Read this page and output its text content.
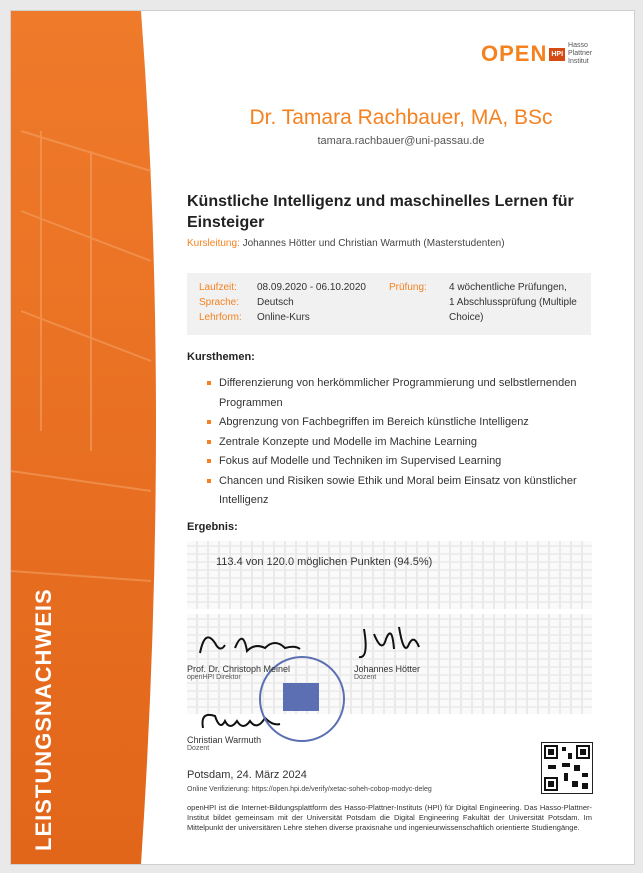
LEISTUNGSNACHWEIS
OPEN HPI
Hasso Plattner Institut
Dr. Tamara Rachbauer, MA, BSc
tamara.rachbauer@uni-passau.de
Künstliche Intelligenz und maschinelles Lernen für Einsteiger
Kursleitung: Johannes Hötter und Christian Warmuth (Masterstudenten)
Laufzeit: 08.09.2020 - 06.10.2020
Sprache: Deutsch
Lehrform: Online-Kurs
Prüfung: 4 wöchentliche Prüfungen,
1 Abschlussprüfung (Multiple
Choice)
Kursthemen:
Differenzierung von herkömmlicher Programmierung und selbstlernenden Programmen
Abgrenzung von Fachbegriffen im Bereich künstliche Intelligenz
Zentrale Konzepte und Modelle im Machine Learning
Fokus auf Modelle und Techniken im Supervised Learning
Chancen und Risiken sowie Ethik und Moral beim Einsatz von künstlicher Intelligenz
Ergebnis:
113.4 von 120.0 möglichen Punkten (94.5%)
Prof. Dr. Christoph Meinel
openHPI Direktor
Johannes Hötter
Dozent
Christian Warmuth
Dozent
Potsdam, 24. März 2024
Online Verifizierung: https://open.hpi.de/verify/xetac-soheh-cobop-modyc-deleg
openHPI ist die Internet-Bildungsplattform des Hasso-Plattner-Instituts (HPI) für Digital Engineering. Das Hasso-Plattner-Institut bildet gemeinsam mit der Universität Potsdam die Digital Engineering Fakultät der Universität Potsdam. Im Mittelpunkt der universitären Lehre stehen diverse praxisnahe und ingenieurwissenschaftlich orientierte Studiengänge.
